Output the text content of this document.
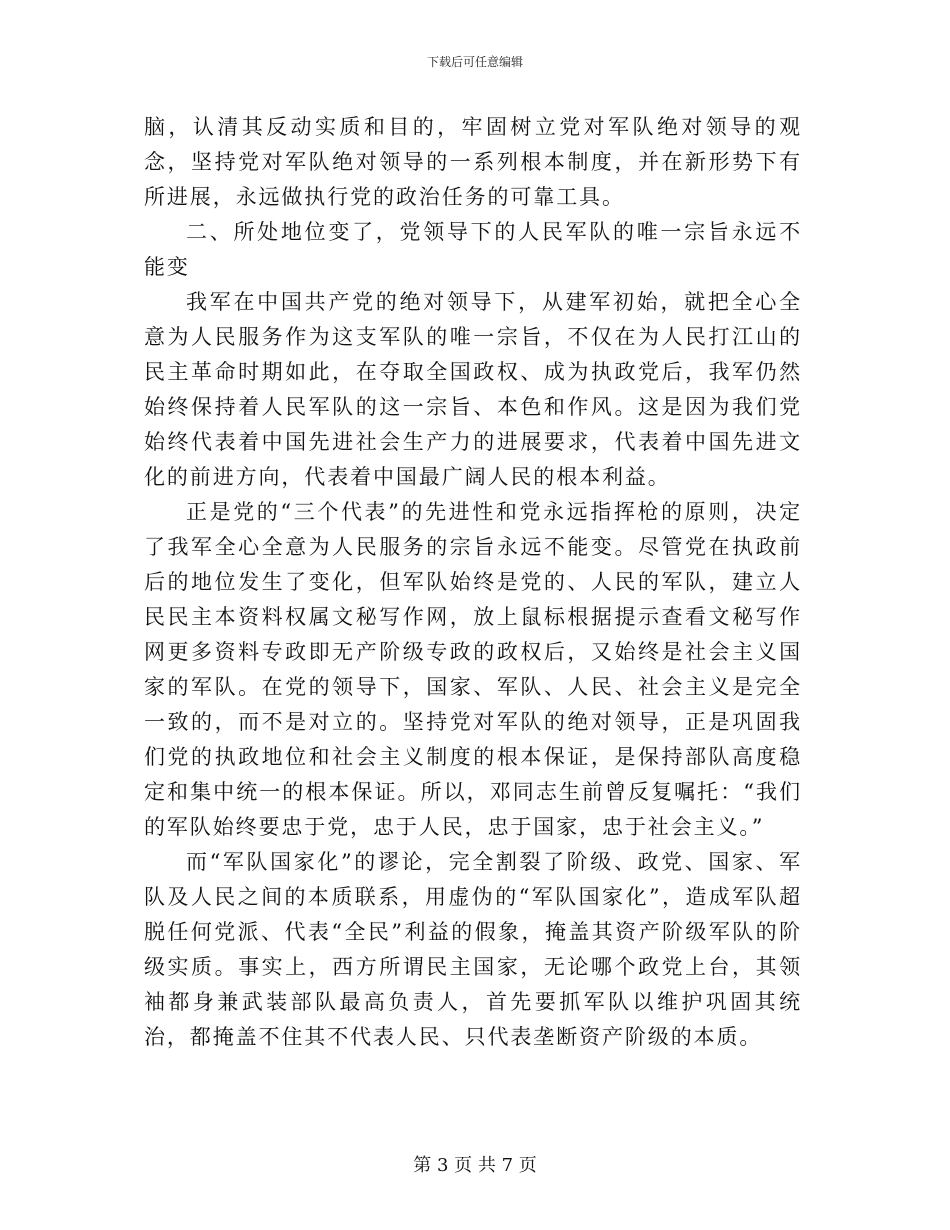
下载后可任意编辑

脑，认清其反动实质和目的，牢固树立党对军队绝对领导的观念，坚持党对军队绝对领导的一系列根本制度，并在新形势下有所进展，永远做执行党的政治任务的可靠工具。

二、所处地位变了，党领导下的人民军队的唯一宗旨永远不能变

我军在中国共产党的绝对领导下，从建军初始，就把全心全意为人民服务作为这支军队的唯一宗旨，不仅在为人民打江山的民主革命时期如此，在夺取全国政权、成为执政党后，我军仍然始终保持着人民军队的这一宗旨、本色和作风。这是因为我们党始终代表着中国先进社会生产力的进展要求，代表着中国先进文化的前进方向，代表着中国最广阔人民的根本利益。

正是党的“三个代表”的先进性和党永远指挥枪的原则，决定了我军全心全意为人民服务的宗旨永远不能变。尽管党在执政前后的地位发生了变化，但军队始终是党的、人民的军队，建立人民民主本资料权属文秘写作网，放上鼠标根据提示查看文秘写作网更多资料专政即无产阶级专政的政权后，又始终是社会主义国家的军队。在党的领导下，国家、军队、人民、社会主义是完全一致的，而不是对立的。坚持党对军队的绝对领导，正是巩固我们党的执政地位和社会主义制度的根本保证，是保持部队高度稳定和集中统一的根本保证。所以，邓同志生前曾反复嘱托：“我们的军队始终要忠于党，忠于人民，忠于国家，忠于社会主义。”

而“军队国家化”的谬论，完全割裂了阶级、政党、国家、军队及人民之间的本质联系，用虚伪的“军队国家化”，造成军队超脱任何党派、代表“全民”利益的假象，掩盖其资产阶级军队的阶级实质。事实上，西方所谓民主国家，无论哪个政党上台，其领袖都身兼武装部队最高负责人，首先要抓军队以维护巩固其统治，都掩盖不住其不代表人民、只代表垄断资产阶级的本质。

第 3 页 共 7 页
